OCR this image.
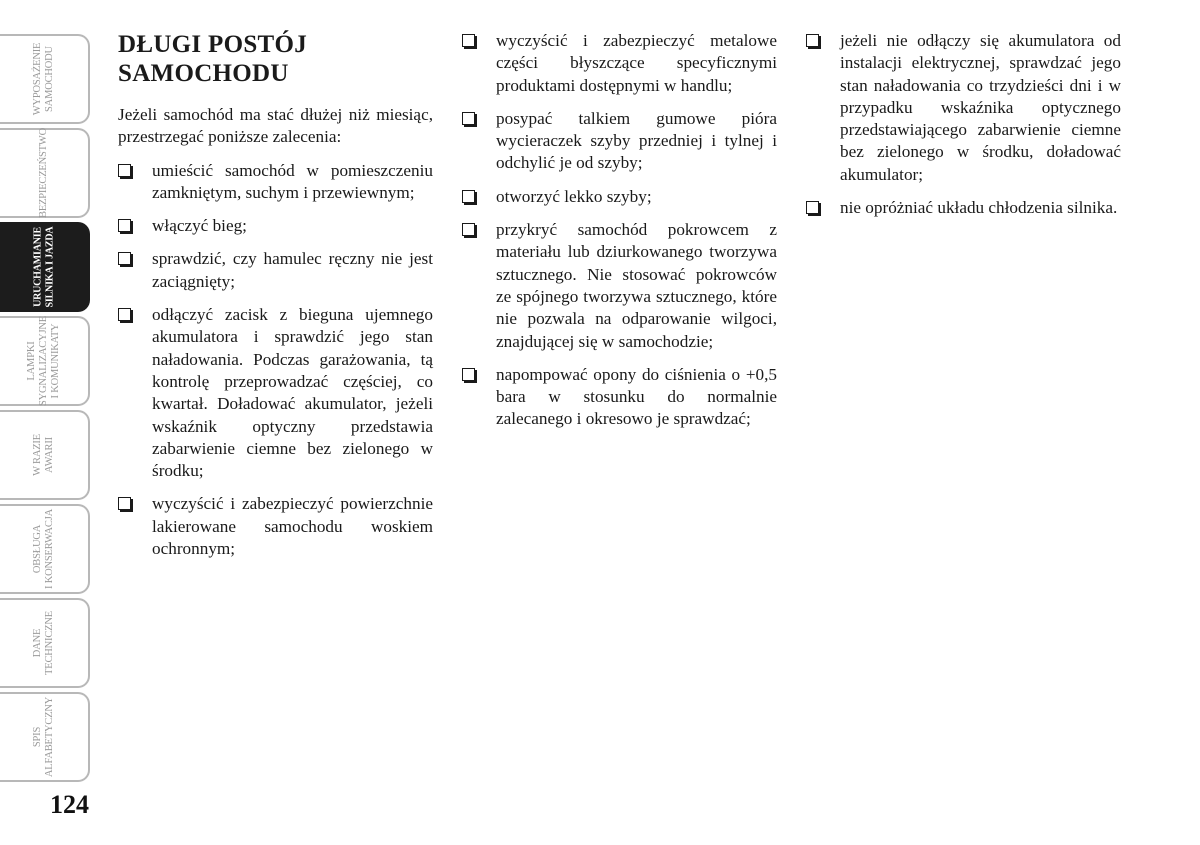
WYPOSAŻENIE SAMOCHODU
BEZPIECZEŃSTWO
URUCHAMIANIE SILNIKA I JAZDA
LAMPKI SYGNALIZACYJNE I KOMUNIKATY
W RAZIE AWARII
OBSŁUGA I KONSERWACJA
DANE TECHNICZNE
SPIS ALFABETYCZNY
124
DŁUGI POSTÓJ
SAMOCHODU

Jeżeli samochód ma stać dłużej niż miesiąc, przestrzegać poniższe zalecenia:

umieścić samochód w pomieszczeniu zamkniętym, suchym i przewiewnym;
włączyć bieg;
sprawdzić, czy hamulec ręczny nie jest zaciągnięty;
odłączyć zacisk z bieguna ujemnego akumulatora i sprawdzić jego stan naładowania. Podczas garażowania, tą kontrolę przeprowadzać częściej, co kwartał. Doładować akumulator, jeżeli wskaźnik optyczny przedstawia zabarwienie ciemne bez zielonego w środku;
wyczyścić i zabezpieczyć powierzchnie lakierowane samochodu woskiem ochronnym;
wyczyścić i zabezpieczyć metalowe części błyszczące specyficznymi produktami dostępnymi w handlu;
posypać talkiem gumowe pióra wycieraczek szyby przedniej i tylnej i odchylić je od szyby;
otworzyć lekko szyby;
przykryć samochód pokrowcem z materiału lub dziurkowanego tworzywa sztucznego. Nie stosować pokrowców ze spójnego tworzywa sztucznego, które nie pozwala na odparowanie wilgoci, znajdującej się w samochodzie;
napompować opony do ciśnienia o +0,5 bara w stosunku do normalnie zalecanego i okresowo je sprawdzać;
jeżeli nie odłączy się akumulatora od instalacji elektrycznej, sprawdzać jego stan naładowania co trzydzieści dni i w przypadku wskaźnika optycznego przedstawiającego zabarwienie ciemne bez zielonego w środku, doładować akumulator;
nie opróżniać układu chłodzenia silnika.
